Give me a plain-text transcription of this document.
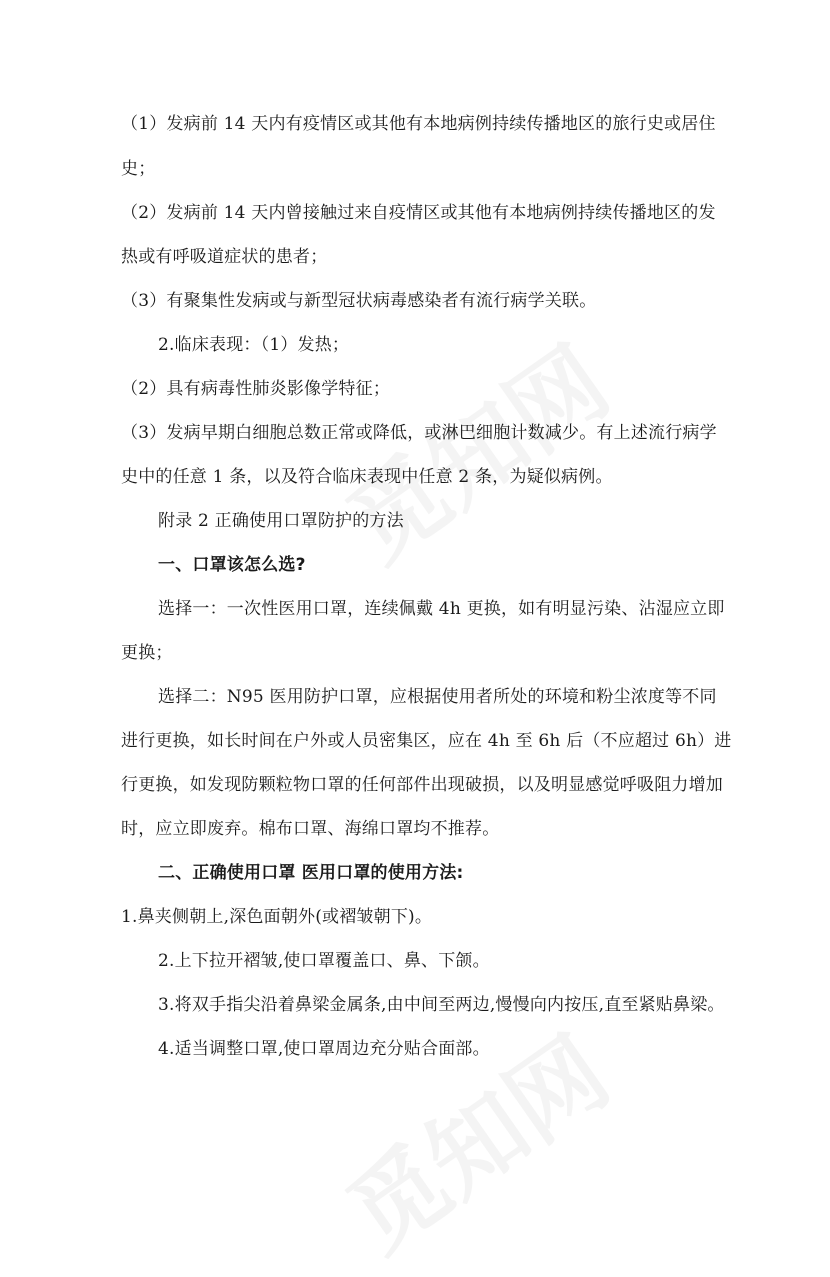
（1）发病前 14 天内有疫情区或其他有本地病例持续传播地区的旅行史或居住
史；
（2）发病前 14 天内曾接触过来自疫情区或其他有本地病例持续传播地区的发
热或有呼吸道症状的患者；
（3）有聚集性发病或与新型冠状病毒感染者有流行病学关联。
2.临床表现：（1）发热；
（2）具有病毒性肺炎影像学特征；
（3）发病早期白细胞总数正常或降低，或淋巴细胞计数减少。有上述流行病学
史中的任意 1 条，以及符合临床表现中任意 2 条，为疑似病例。
附录 2 正确使用口罩防护的方法
一、口罩该怎么选?
选择一：一次性医用口罩，连续佩戴 4h 更换，如有明显污染、沾湿应立即
更换；
选择二：N95 医用防护口罩，应根据使用者所处的环境和粉尘浓度等不同
进行更换，如长时间在户外或人员密集区，应在 4h 至 6h 后（不应超过 6h）进
行更换，如发现防颗粒物口罩的任何部件出现破损，以及明显感觉呼吸阻力增加
时，应立即废弃。棉布口罩、海绵口罩均不推荐。
二、正确使用口罩 医用口罩的使用方法:
1.鼻夹侧朝上,深色面朝外(或褶皱朝下)。
2.上下拉开褶皱,使口罩覆盖口、鼻、下颌。
3.将双手指尖沿着鼻梁金属条,由中间至两边,慢慢向内按压,直至紧贴鼻梁。
4.适当调整口罩,使口罩周边充分贴合面部。
